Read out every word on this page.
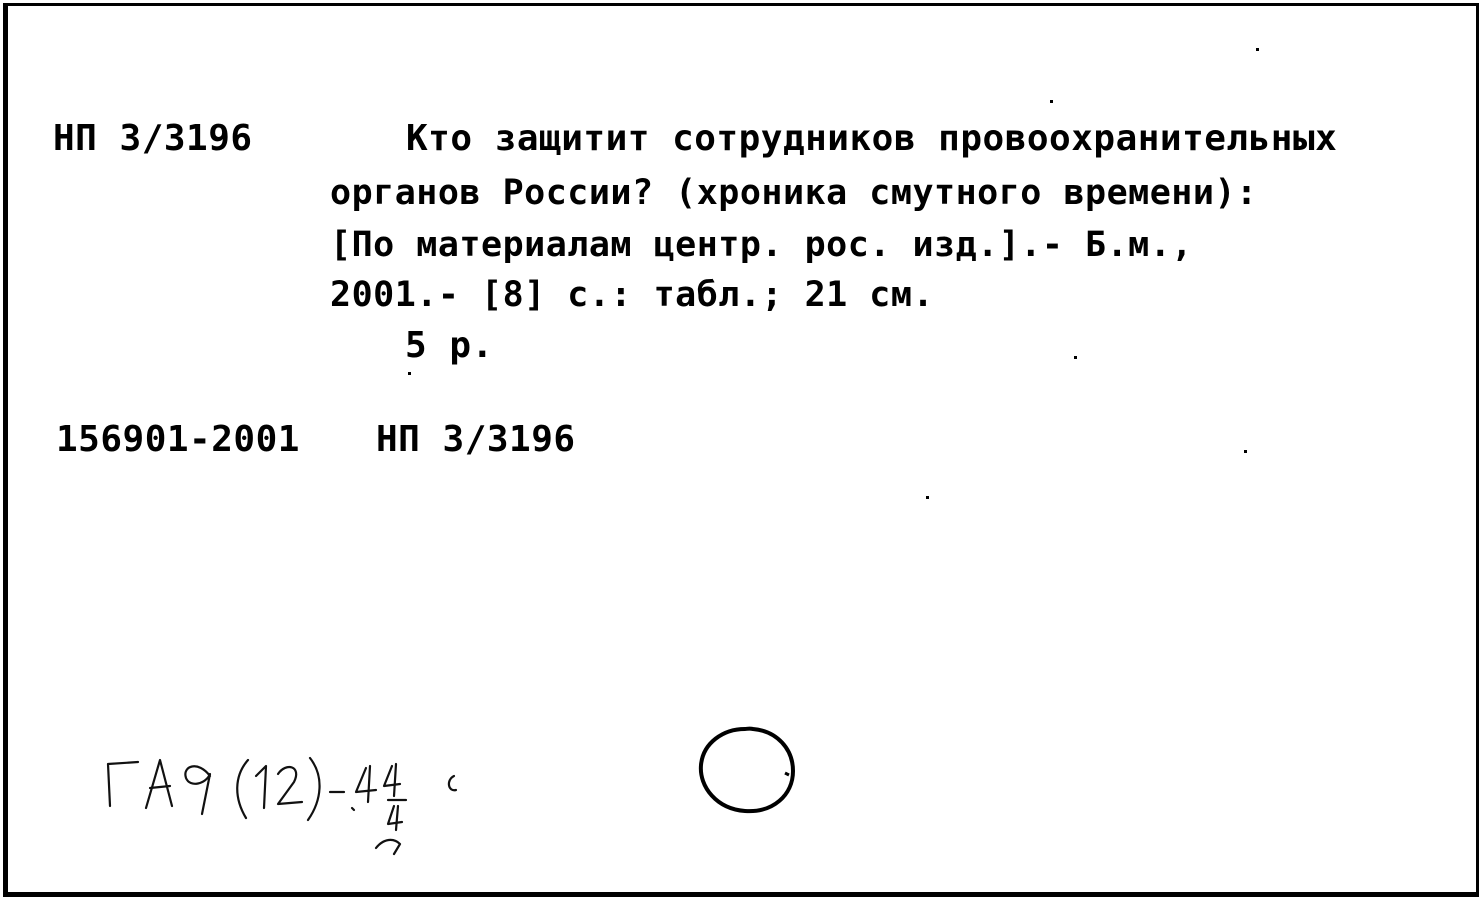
НП 3/3196	Кто защитит сотрудников провоохранительных
органов России? (хроника смутного времени):
[По материалам центр. рос. изд.].- Б.м.,
2001.- [8] с.: табл.; 21 см.
5 р.
156901-2001 НП 3/3196
